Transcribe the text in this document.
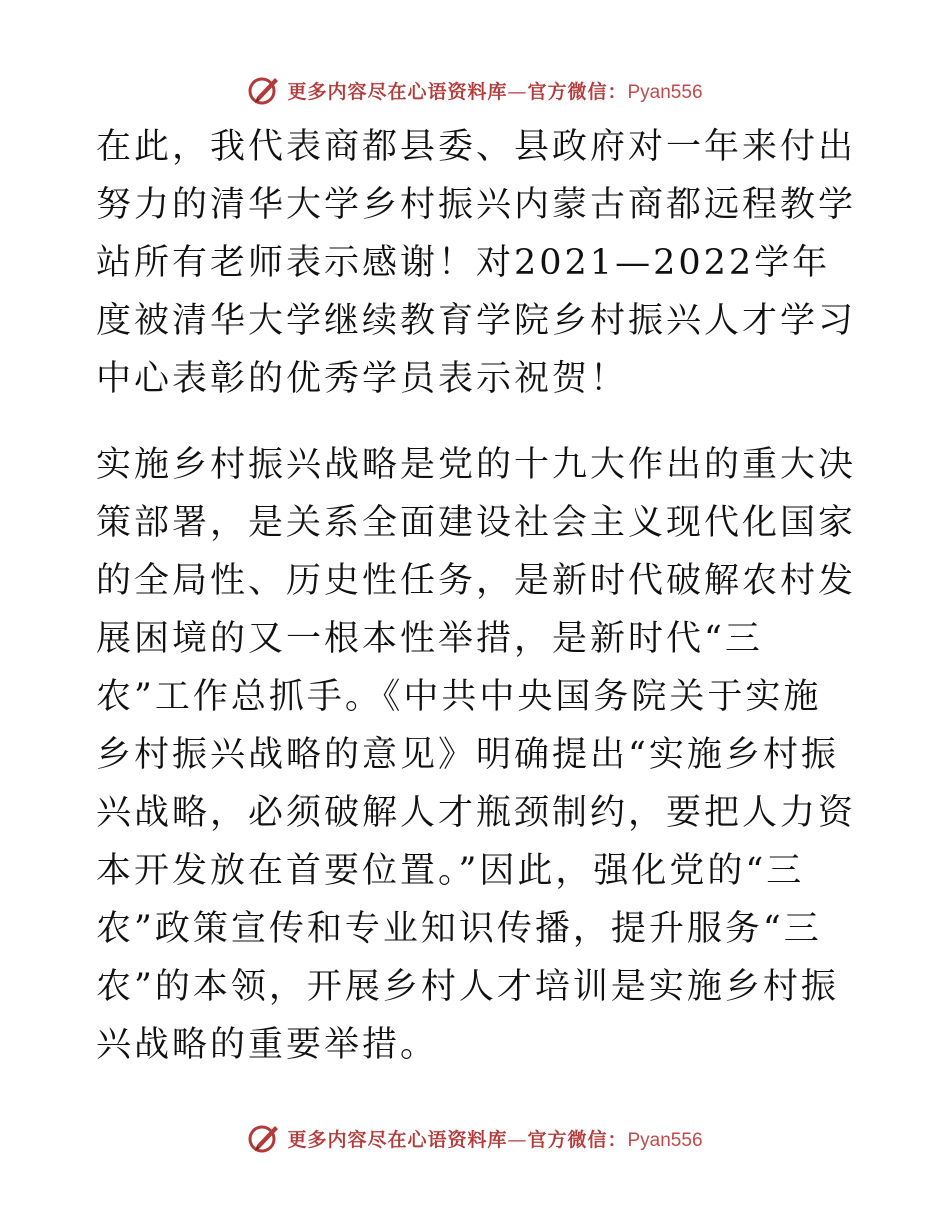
更多内容尽在心语资料库—官方微信：Pyan556

在此，我代表商都县委、县政府对一年来付出努力的清华大学乡村振兴内蒙古商都远程教学站所有老师表示感谢！对2021—2022学年度被清华大学继续教育学院乡村振兴人才学习中心表彰的优秀学员表示祝贺！

实施乡村振兴战略是党的十九大作出的重大决策部署，是关系全面建设社会主义现代化国家的全局性、历史性任务，是新时代破解农村发展困境的又一根本性举措，是新时代“三农”工作总抓手。《中共中央国务院关于实施乡村振兴战略的意见》明确提出“实施乡村振兴战略，必须破解人才瓶颈制约，要把人力资本开发放在首要位置。”因此，强化党的“三农”政策宣传和专业知识传播，提升服务“三农”的本领，开展乡村人才培训是实施乡村振兴战略的重要举措。

更多内容尽在心语资料库—官方微信：Pyan556
